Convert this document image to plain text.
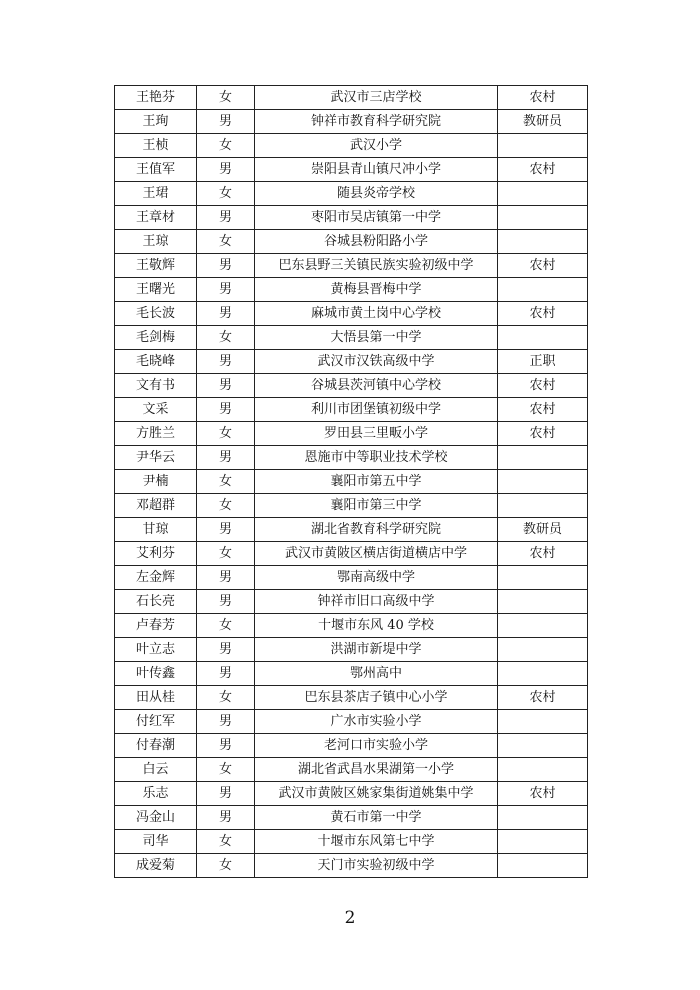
王艳芬	女	武汉市三店学校	农村
王珣	男	钟祥市教育科学研究院	教研员
王桢	女	武汉小学	
王值军	男	崇阳县青山镇尺冲小学	农村
王珺	女	随县炎帝学校	
王章材	男	枣阳市吴店镇第一中学	
王琼	女	谷城县粉阳路小学	
王敬辉	男	巴东县野三关镇民族实验初级中学	农村
王曙光	男	黄梅县晋梅中学	
毛长波	男	麻城市黄土岗中心学校	农村
毛剑梅	女	大悟县第一中学	
毛晓峰	男	武汉市汉铁高级中学	正职
文有书	男	谷城县茨河镇中心学校	农村
文采	男	利川市团堡镇初级中学	农村
方胜兰	女	罗田县三里畈小学	农村
尹华云	男	恩施市中等职业技术学校	
尹楠	女	襄阳市第五中学	
邓超群	女	襄阳市第三中学	
甘琼	男	湖北省教育科学研究院	教研员
艾利芬	女	武汉市黄陂区横店街道横店中学	农村
左金辉	男	鄂南高级中学	
石长亮	男	钟祥市旧口高级中学	
卢春芳	女	十堰市东风 40 学校	
叶立志	男	洪湖市新堤中学	
叶传鑫	男	鄂州高中	
田从桂	女	巴东县茶店子镇中心小学	农村
付红军	男	广水市实验小学	
付春潮	男	老河口市实验小学	
白云	女	湖北省武昌水果湖第一小学	
乐志	男	武汉市黄陂区姚家集街道姚集中学	农村
冯金山	男	黄石市第一中学	
司华	女	十堰市东风第七中学	
成爱菊	女	天门市实验初级中学	
2
